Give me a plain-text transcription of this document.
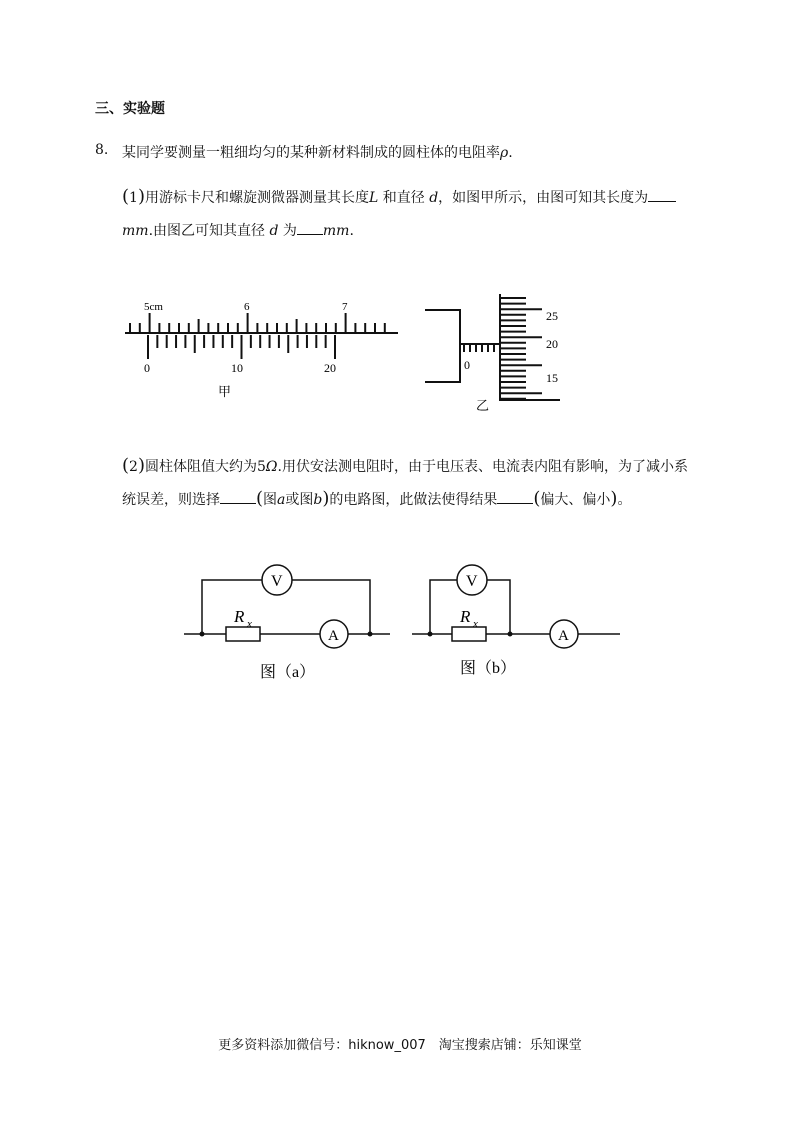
三、实验题
8. 某同学要测量一粗细均匀的某种新材料制成的圆柱体的电阻率ρ.
(1)用游标卡尺和螺旋测微器测量其长度L 和直径 d，如图甲所示，由图可知其长度为
mm.由图乙可知其直径 d 为 mm.
5cm	6	7
0	10	20
甲
25
20
15
0
乙
(2)圆柱体阻值大约为5Ω.用伏安法测电阻时，由于电压表、电流表内阻有影响，为了减小系
统误差，则选择 (图a或图b)的电路图，此做法使得结果 (偏大、偏小)。
V
A
R x
图（a）
V
A
R x
图（b）
更多资料添加微信号：hiknow_007　淘宝搜索店铺：乐知课堂
